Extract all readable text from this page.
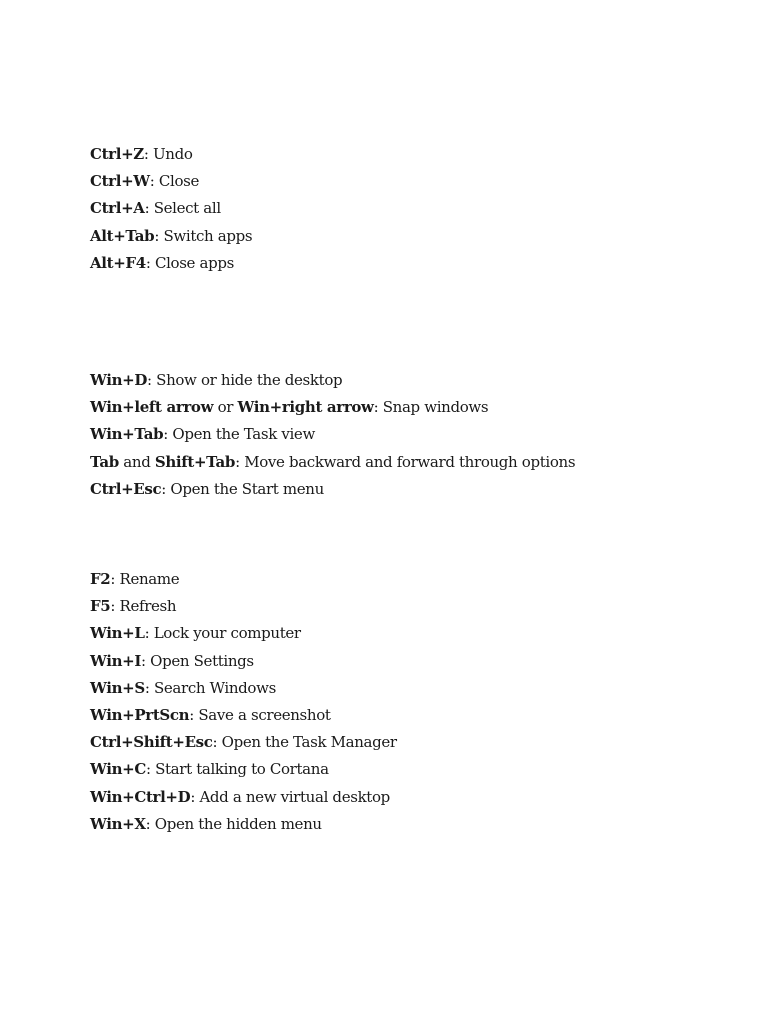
Ctrl+Z: Undo
Ctrl+W: Close
Ctrl+A: Select all
Alt+Tab: Switch apps
Alt+F4: Close apps
Win+D: Show or hide the desktop
Win+left arrow or Win+right arrow: Snap windows
Win+Tab: Open the Task view
Tab and Shift+Tab: Move backward and forward through options
Ctrl+Esc: Open the Start menu
F2: Rename
F5: Refresh
Win+L: Lock your computer
Win+I: Open Settings
Win+S: Search Windows
Win+PrtScn: Save a screenshot
Ctrl+Shift+Esc: Open the Task Manager
Win+C: Start talking to Cortana
Win+Ctrl+D: Add a new virtual desktop
Win+X: Open the hidden menu
